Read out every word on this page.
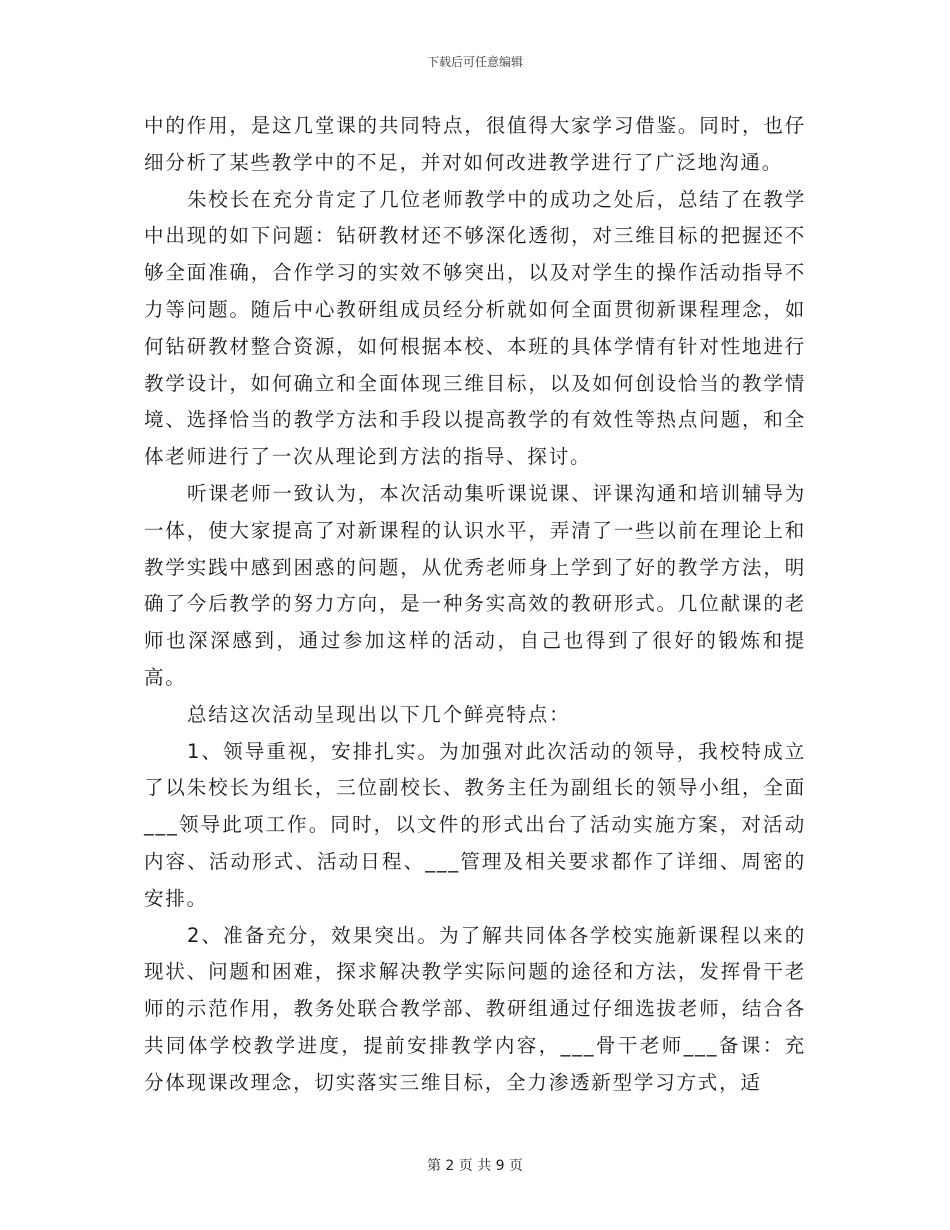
下载后可任意编辑

中的作用，是这几堂课的共同特点，很值得大家学习借鉴。同时，也仔细分析了某些教学中的不足，并对如何改进教学进行了广泛地沟通。

朱校长在充分肯定了几位老师教学中的成功之处后，总结了在教学中出现的如下问题：钻研教材还不够深化透彻，对三维目标的把握还不够全面准确，合作学习的实效不够突出，以及对学生的操作活动指导不力等问题。随后中心教研组成员经分析就如何全面贯彻新课程理念，如何钻研教材整合资源，如何根据本校、本班的具体学情有针对性地进行教学设计，如何确立和全面体现三维目标，以及如何创设恰当的教学情境、选择恰当的教学方法和手段以提高教学的有效性等热点问题，和全体老师进行了一次从理论到方法的指导、探讨。

听课老师一致认为，本次活动集听课说课、评课沟通和培训辅导为一体，使大家提高了对新课程的认识水平，弄清了一些以前在理论上和教学实践中感到困惑的问题，从优秀老师身上学到了好的教学方法，明确了今后教学的努力方向，是一种务实高效的教研形式。几位献课的老师也深深感到，通过参加这样的活动，自己也得到了很好的锻炼和提高。

总结这次活动呈现出以下几个鲜亮特点：

1、领导重视，安排扎实。为加强对此次活动的领导，我校特成立了以朱校长为组长，三位副校长、教务主任为副组长的领导小组，全面___领导此项工作。同时，以文件的形式出台了活动实施方案，对活动内容、活动形式、活动日程、___管理及相关要求都作了详细、周密的安排。

2、准备充分，效果突出。为了解共同体各学校实施新课程以来的现状、问题和困难，探求解决教学实际问题的途径和方法，发挥骨干老师的示范作用，教务处联合教学部、教研组通过仔细选拔老师，结合各共同体学校教学进度，提前安排教学内容，___骨干老师___备课：充分体现课改理念，切实落实三维目标，全力渗透新型学习方式，适

第 2 页 共 9 页
